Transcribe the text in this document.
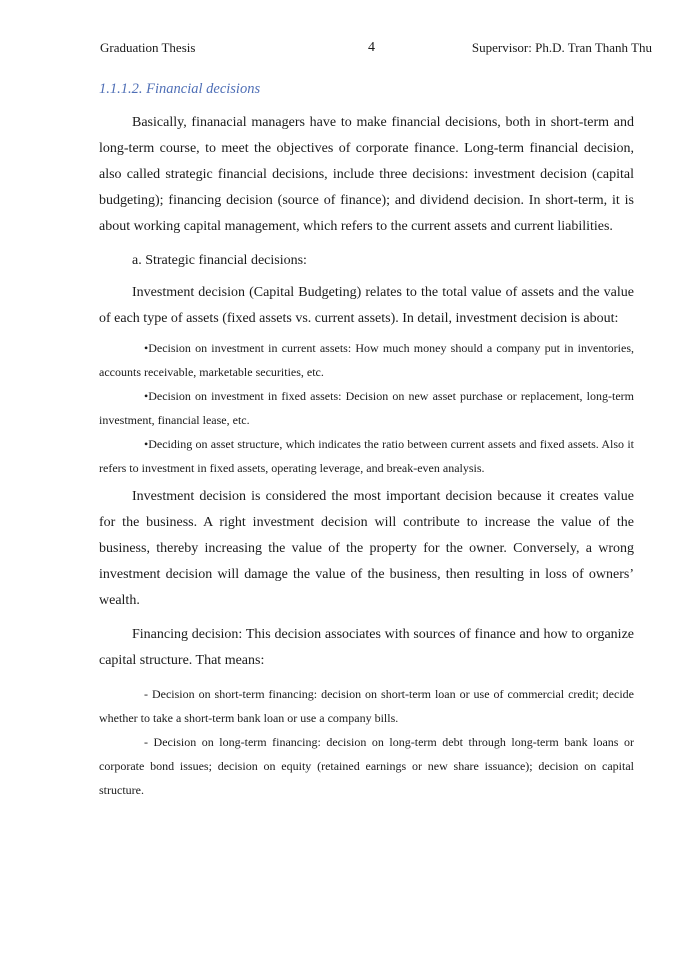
Graduation Thesis	4	Supervisor: Ph.D. Tran Thanh Thu
1.1.1.2. Financial decisions

Basically, finanacial managers have to make financial decisions, both in short-term and long-term course, to meet the objectives of corporate finance. Long-term financial decision, also called strategic financial decisions, include three decisions: investment decision (capital budgeting); financing decision (source of finance); and dividend decision. In short-term, it is about working capital management, which refers to the current assets and current liabilities.

a. Strategic financial decisions:

Investment decision (Capital Budgeting) relates to the total value of assets and the value of each type of assets (fixed assets vs. current assets). In detail, investment decision is about:

•Decision on investment in current assets: How much money should a company put in inventories, accounts receivable, marketable securities, etc.

•Decision on investment in fixed assets: Decision on new asset purchase or replacement, long-term investment, financial lease, etc.

•Deciding on asset structure, which indicates the ratio between current assets and fixed assets. Also it refers to investment in fixed assets, operating leverage, and break-even analysis.

Investment decision is considered the most important decision because it creates value for the business. A right investment decision will contribute to increase the value of the business, thereby increasing the value of the property for the owner. Conversely, a wrong investment decision will damage the value of the business, then resulting in loss of owners’ wealth.

Financing decision: This decision associates with sources of finance and how to organize capital structure. That means:

- Decision on short-term financing: decision on short-term loan or use of commercial credit; decide whether to take a short-term bank loan or use a company bills.

- Decision on long-term financing: decision on long-term debt through long-term bank loans or corporate bond issues; decision on equity (retained earnings or new share issuance); decision on capital structure.
